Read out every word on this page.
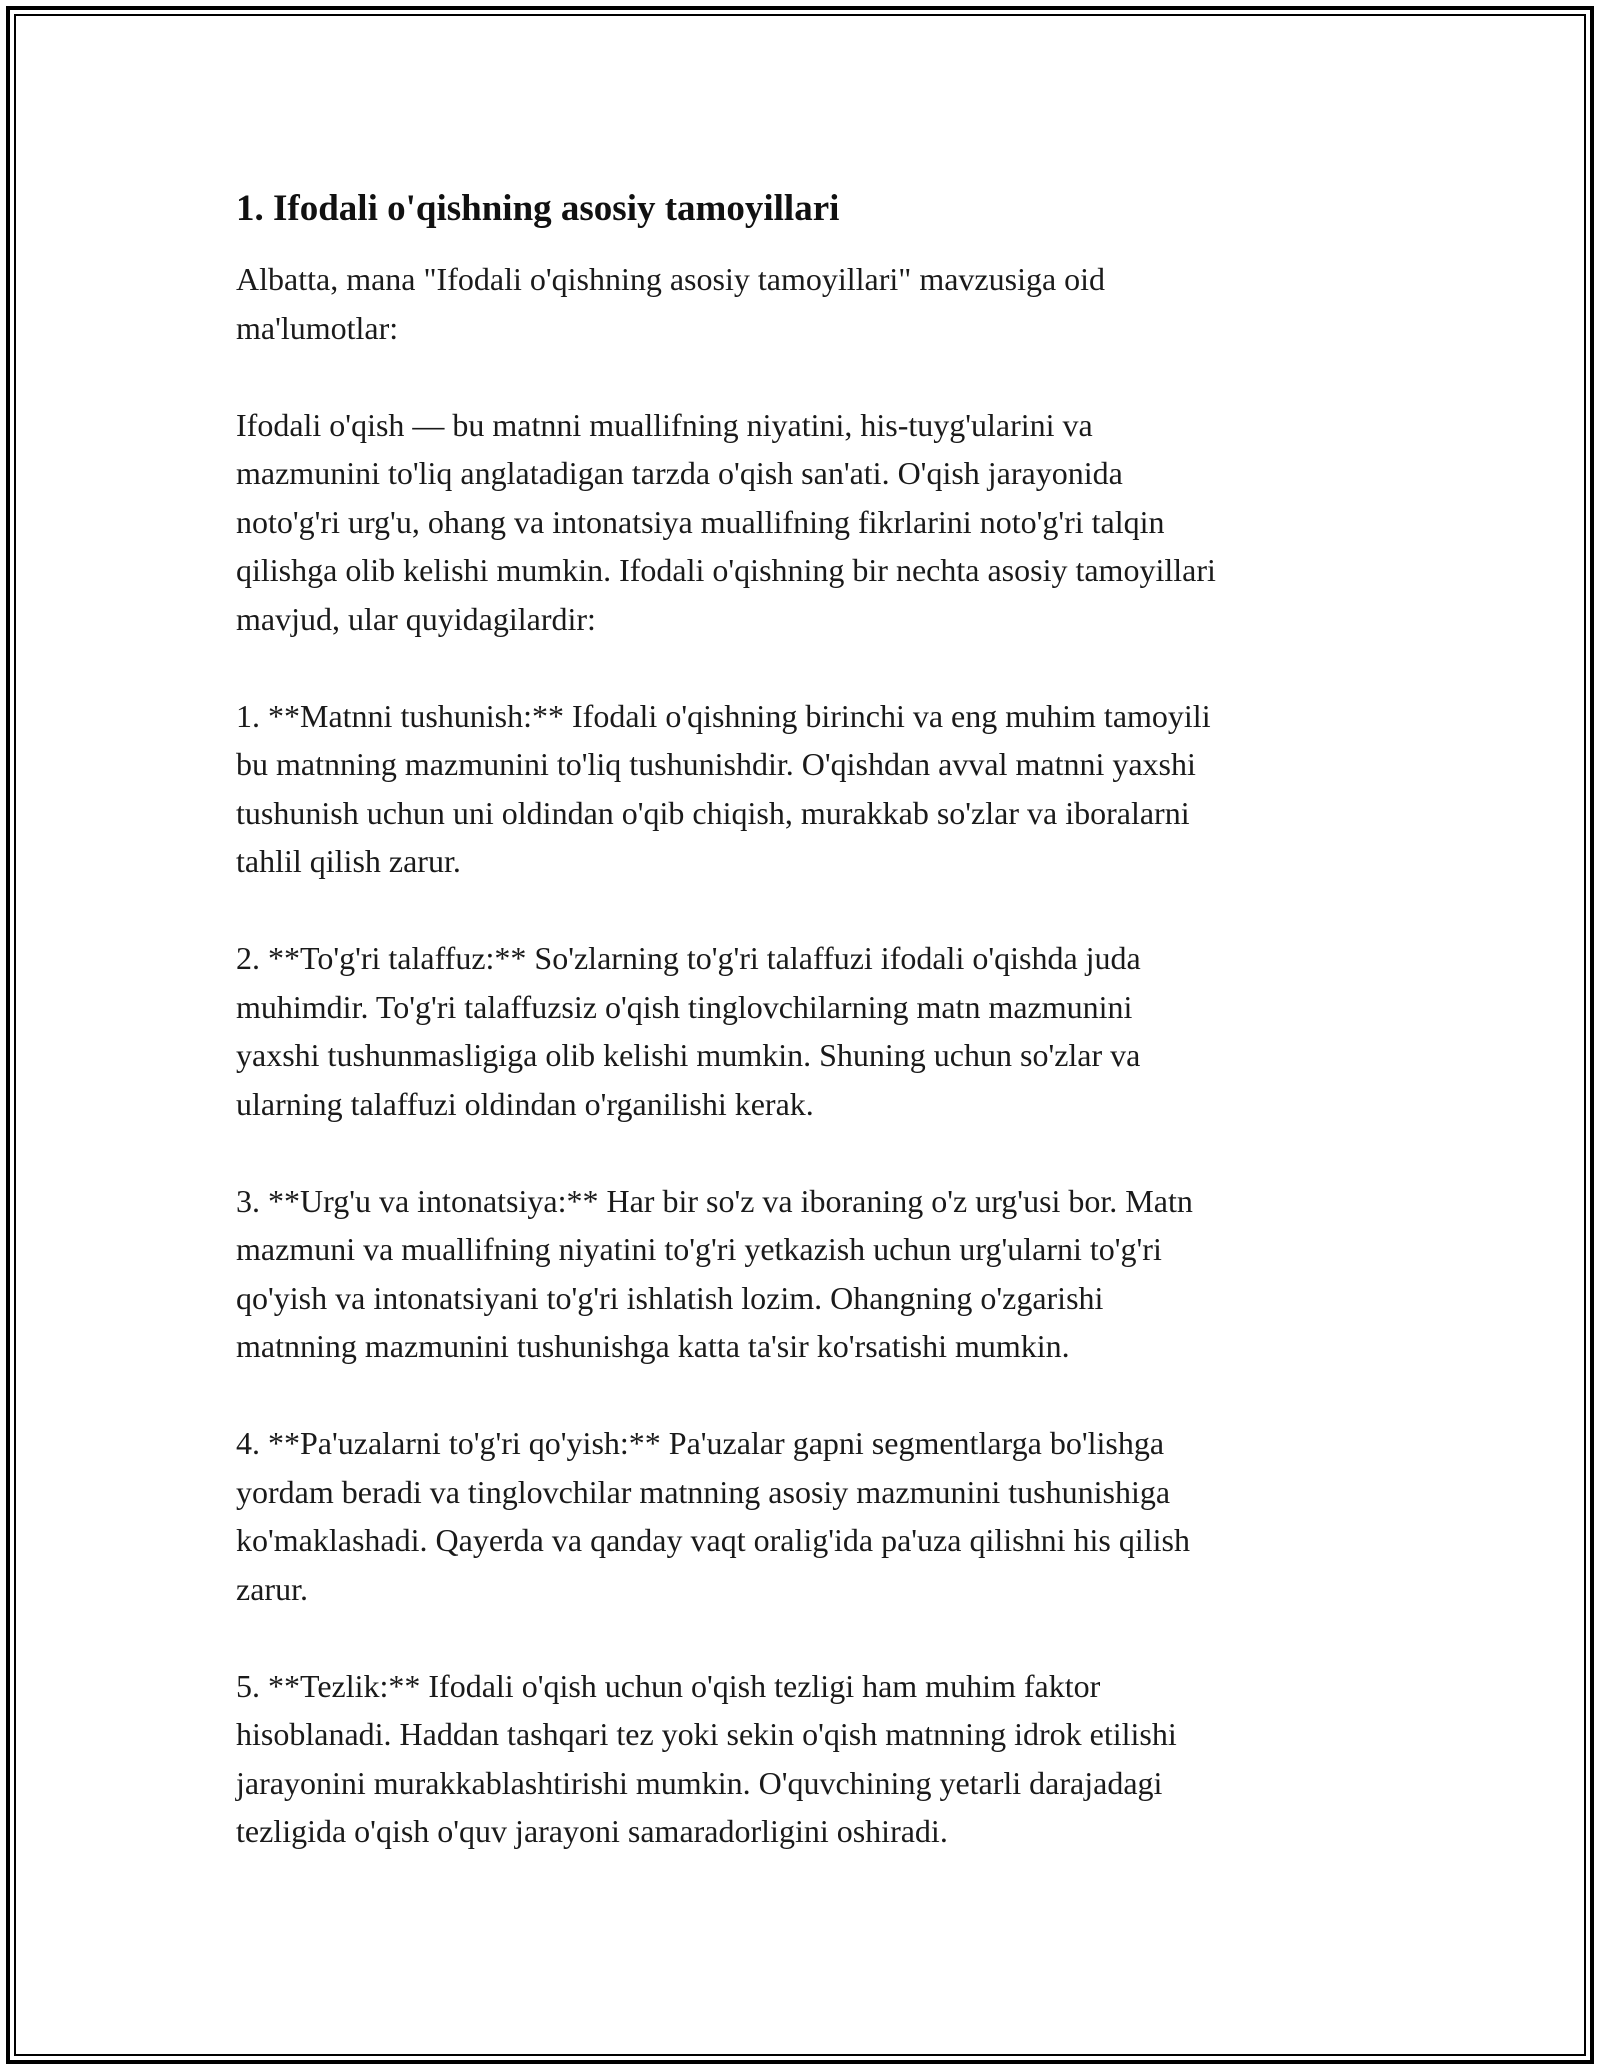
1. Ifodali o'qishning asosiy tamoyillari

Albatta, mana "Ifodali o'qishning asosiy tamoyillari" mavzusiga oid
ma'lumotlar:

Ifodali o'qish — bu matnni muallifning niyatini, his-tuyg'ularini va
mazmunini to'liq anglatadigan tarzda o'qish san'ati. O'qish jarayonida
noto'g'ri urg'u, ohang va intonatsiya muallifning fikrlarini noto'g'ri talqin
qilishga olib kelishi mumkin. Ifodali o'qishning bir nechta asosiy tamoyillari
mavjud, ular quyidagilardir:

1. **Matnni tushunish:** Ifodali o'qishning birinchi va eng muhim tamoyili
bu matnning mazmunini to'liq tushunishdir. O'qishdan avval matnni yaxshi
tushunish uchun uni oldindan o'qib chiqish, murakkab so'zlar va iboralarni
tahlil qilish zarur.

2. **To'g'ri talaffuz:** So'zlarning to'g'ri talaffuzi ifodali o'qishda juda
muhimdir. To'g'ri talaffuzsiz o'qish tinglovchilarning matn mazmunini
yaxshi tushunmasligiga olib kelishi mumkin. Shuning uchun so'zlar va
ularning talaffuzi oldindan o'rganilishi kerak.

3. **Urg'u va intonatsiya:** Har bir so'z va iboraning o'z urg'usi bor. Matn
mazmuni va muallifning niyatini to'g'ri yetkazish uchun urg'ularni to'g'ri
qo'yish va intonatsiyani to'g'ri ishlatish lozim. Ohangning o'zgarishi
matnning mazmunini tushunishga katta ta'sir ko'rsatishi mumkin.

4. **Pa'uzalarni to'g'ri qo'yish:** Pa'uzalar gapni segmentlarga bo'lishga
yordam beradi va tinglovchilar matnning asosiy mazmunini tushunishiga
ko'maklashadi. Qayerda va qanday vaqt oralig'ida pa'uza qilishni his qilish
zarur.

5. **Tezlik:** Ifodali o'qish uchun o'qish tezligi ham muhim faktor
hisoblanadi. Haddan tashqari tez yoki sekin o'qish matnning idrok etilishi
jarayonini murakkablashtirishi mumkin. O'quvchining yetarli darajadagi
tezligida o'qish o'quv jarayoni samaradorligini oshiradi.
